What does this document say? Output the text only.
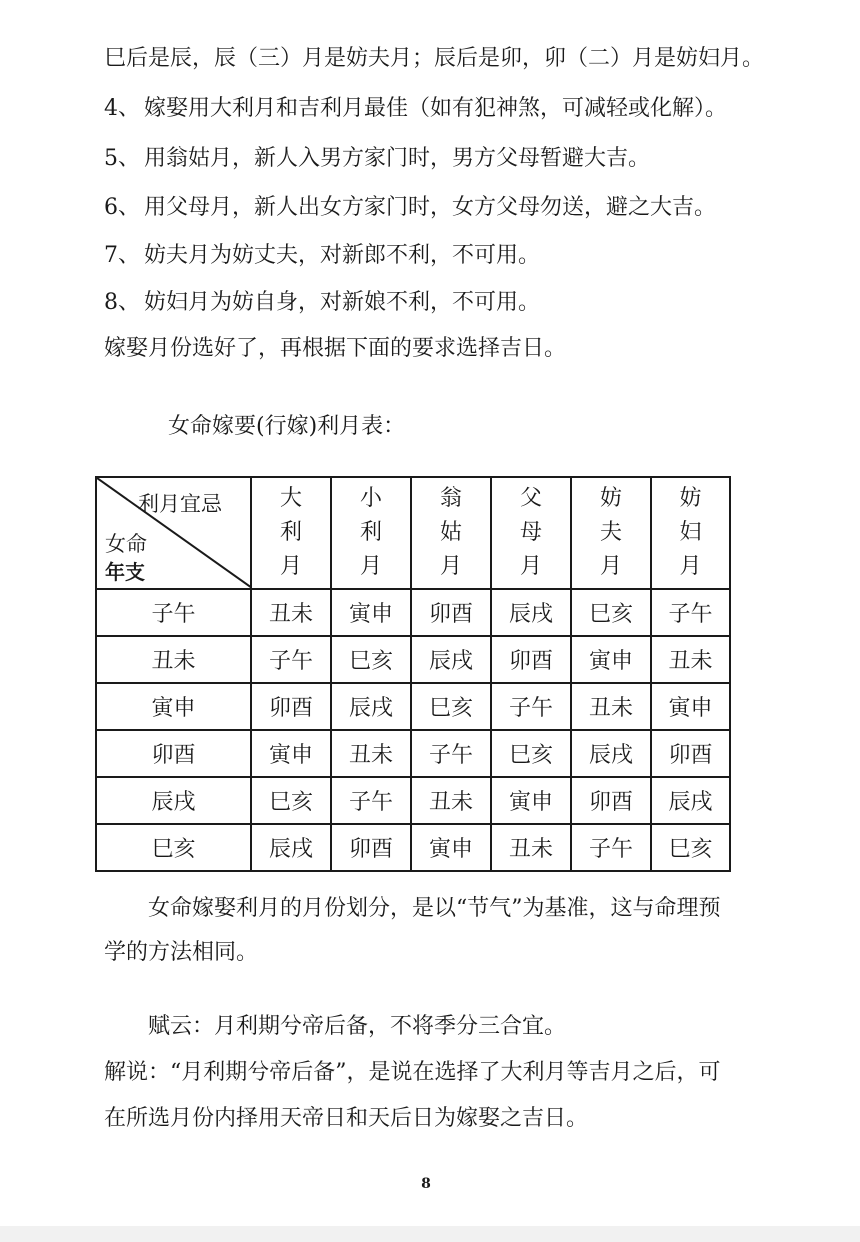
巳后是辰，辰（三）月是妨夫月；辰后是卯，卯（二）月是妨妇月。
4、 嫁娶用大利月和吉利月最佳（如有犯神煞，可减轻或化解）。
5、 用翁姑月，新人入男方家门时，男方父母暂避大吉。
6、 用父母月，新人出女方家门时，女方父母勿送，避之大吉。
7、 妨夫月为妨丈夫，对新郎不利，不可用。
8、 妨妇月为妨自身，对新娘不利，不可用。
嫁娶月份选好了，再根据下面的要求选择吉日。
女命嫁要(行嫁)利月表：
利月宜忌
女命
年支	大利月	小利月	翁姑月	父母月	妨夫月	妨妇月
子午	丑未	寅申	卯酉	辰戌	巳亥	子午
丑未	子午	巳亥	辰戌	卯酉	寅申	丑未
寅申	卯酉	辰戌	巳亥	子午	丑未	寅申
卯酉	寅申	丑未	子午	巳亥	辰戌	卯酉
辰戌	巳亥	子午	丑未	寅申	卯酉	辰戌
巳亥	辰戌	卯酉	寅申	丑未	子午	巳亥
女命嫁娶利月的月份划分，是以“节气”为基准，这与命理预
学的方法相同。
赋云：月利期兮帝后备，不将季分三合宜。
解说：“月利期兮帝后备”，是说在选择了大利月等吉月之后，可
在所选月份内择用天帝日和天后日为嫁娶之吉日。
8
